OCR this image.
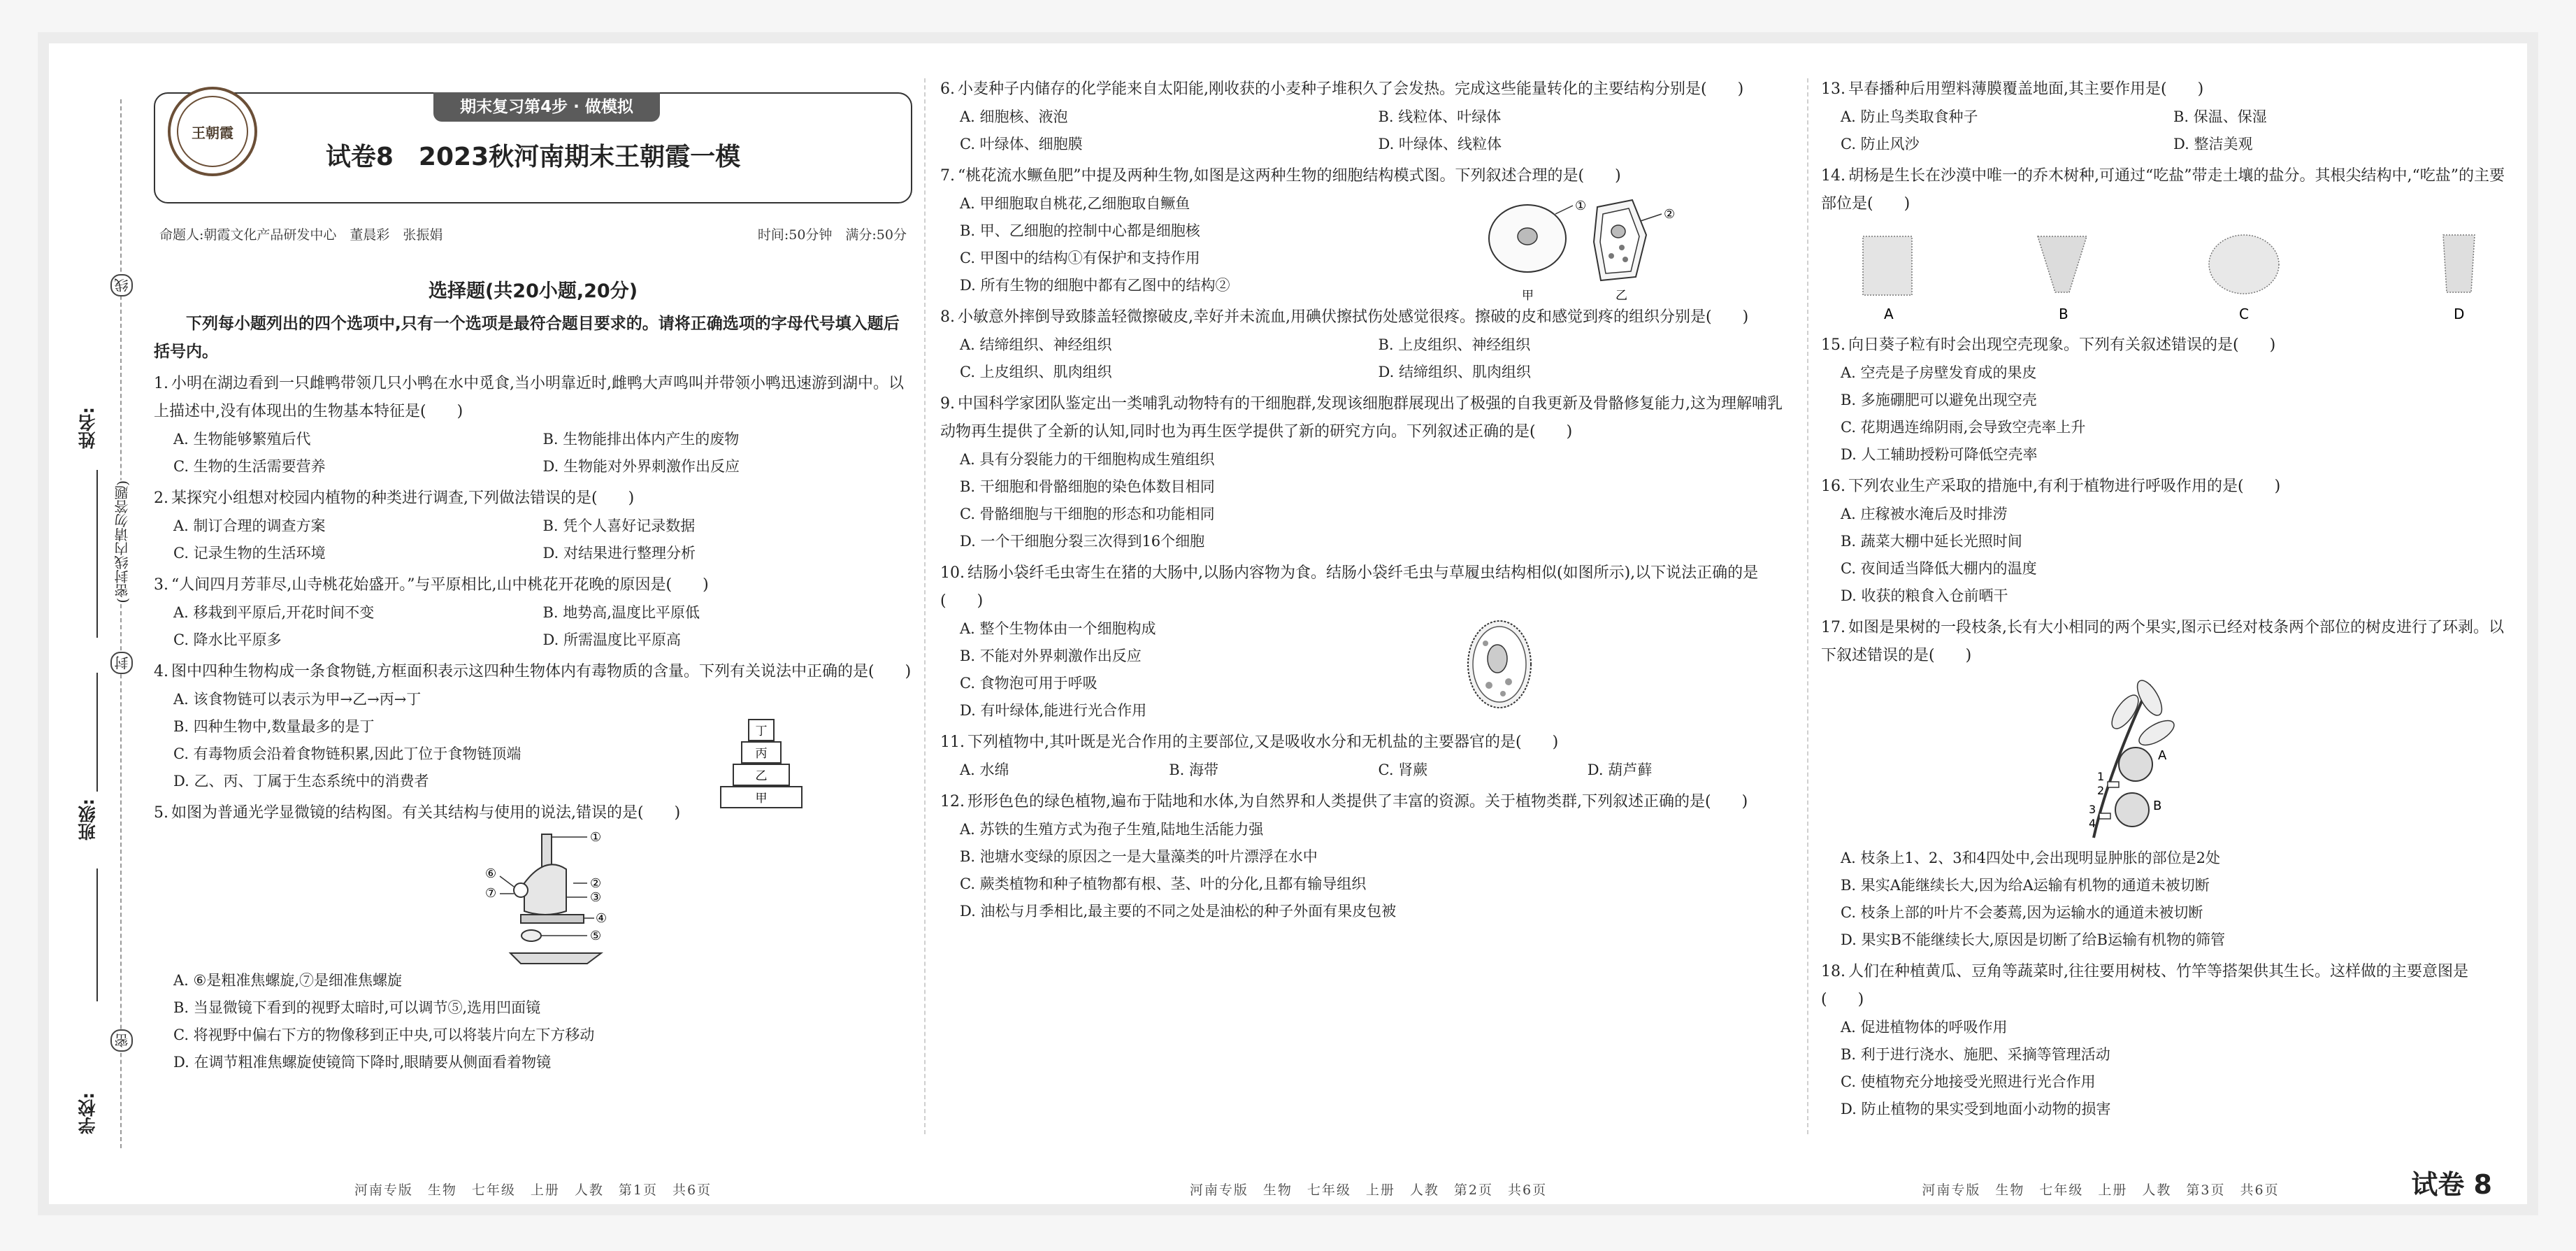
线
姓名:
(密封线内请勿答题)
封
班级:
密
学校:
王朝霞
期末复习第4步 · 做模拟
试卷8　2023秋河南期末王朝霞一模
命题人:朝霞文化产品研发中心　董晨彩　张振娟	时间:50分钟　满分:50分
选择题(共20小题,20分)
下列每小题列出的四个选项中,只有一个选项是最符合题目要求的。请将正确选项的字母代号填入题后括号内。
1. 小明在湖边看到一只雌鸭带领几只小鸭在水中觅食,当小明靠近时,雌鸭大声鸣叫并带领小鸭迅速游到湖中。以上描述中,没有体现出的生物基本特征是(　　)
A. 生物能够繁殖后代	B. 生物能排出体内产生的废物
C. 生物的生活需要营养	D. 生物能对外界刺激作出反应
2. 某探究小组想对校园内植物的种类进行调查,下列做法错误的是(　　)
A. 制订合理的调查方案	B. 凭个人喜好记录数据
C. 记录生物的生活环境	D. 对结果进行整理分析
3. “人间四月芳菲尽,山寺桃花始盛开。”与平原相比,山中桃花开花晚的原因是(　　)
A. 移栽到平原后,开花时间不变	B. 地势高,温度比平原低
C. 降水比平原多	D. 所需温度比平原高
4. 图中四种生物构成一条食物链,方框面积表示这四种生物体内有毒物质的含量。下列有关说法中正确的是(　　)
A. 该食物链可以表示为甲→乙→丙→丁
B. 四种生物中,数量最多的是丁
C. 有毒物质会沿着食物链积累,因此丁位于食物链顶端
D. 乙、丙、丁属于生态系统中的消费者
丁
丙
乙
甲
5. 如图为普通光学显微镜的结构图。有关其结构与使用的说法,错误的是(　　)
①
②
③
④
⑤
⑥
⑦
A. ⑥是粗准焦螺旋,⑦是细准焦螺旋
B. 当显微镜下看到的视野太暗时,可以调节⑤,选用凹面镜
C. 将视野中偏右下方的物像移到正中央,可以将装片向左下方移动
D. 在调节粗准焦螺旋使镜筒下降时,眼睛要从侧面看着物镜
6. 小麦种子内储存的化学能来自太阳能,刚收获的小麦种子堆积久了会发热。完成这些能量转化的主要结构分别是(　　)
A. 细胞核、液泡	B. 线粒体、叶绿体
C. 叶绿体、细胞膜	D. 叶绿体、线粒体
7. “桃花流水鳜鱼肥”中提及两种生物,如图是这两种生物的细胞结构模式图。下列叙述合理的是(　　)
A. 甲细胞取自桃花,乙细胞取自鳜鱼
B. 甲、乙细胞的控制中心都是细胞核
C. 甲图中的结构①有保护和支持作用
D. 所有生物的细胞中都有乙图中的结构②
①
②
甲	乙
8. 小敏意外摔倒导致膝盖轻微擦破皮,幸好并未流血,用碘伏擦拭伤处感觉很疼。擦破的皮和感觉到疼的组织分别是(　　)
A. 结缔组织、神经组织	B. 上皮组织、神经组织
C. 上皮组织、肌肉组织	D. 结缔组织、肌肉组织
9. 中国科学家团队鉴定出一类哺乳动物特有的干细胞群,发现该细胞群展现出了极强的自我更新及骨骼修复能力,这为理解哺乳动物再生提供了全新的认知,同时也为再生医学提供了新的研究方向。下列叙述正确的是(　　)
A. 具有分裂能力的干细胞构成生殖组织
B. 干细胞和骨骼细胞的染色体数目相同
C. 骨骼细胞与干细胞的形态和功能相同
D. 一个干细胞分裂三次得到16个细胞
10. 结肠小袋纤毛虫寄生在猪的大肠中,以肠内容物为食。结肠小袋纤毛虫与草履虫结构相似(如图所示),以下说法正确的是(　　)
A. 整个生物体由一个细胞构成
B. 不能对外界刺激作出反应
C. 食物泡可用于呼吸
D. 有叶绿体,能进行光合作用
11. 下列植物中,其叶既是光合作用的主要部位,又是吸收水分和无机盐的主要器官的是(　　)
A. 水绵	B. 海带	C. 肾蕨	D. 葫芦藓
12. 形形色色的绿色植物,遍布于陆地和水体,为自然界和人类提供了丰富的资源。关于植物类群,下列叙述正确的是(　　)
A. 苏铁的生殖方式为孢子生殖,陆地生活能力强
B. 池塘水变绿的原因之一是大量藻类的叶片漂浮在水中
C. 蕨类植物和种子植物都有根、茎、叶的分化,且都有输导组织
D. 油松与月季相比,最主要的不同之处是油松的种子外面有果皮包被
13. 早春播种后用塑料薄膜覆盖地面,其主要作用是(　　)
A. 防止鸟类取食种子	B. 保温、保湿
C. 防止风沙	D. 整洁美观
14. 胡杨是生长在沙漠中唯一的乔木树种,可通过“吃盐”带走土壤的盐分。其根尖结构中,“吃盐”的主要部位是(　　)
A	B	C	D
15. 向日葵子粒有时会出现空壳现象。下列有关叙述错误的是(　　)
A. 空壳是子房壁发育成的果皮
B. 多施硼肥可以避免出现空壳
C. 花期遇连绵阴雨,会导致空壳率上升
D. 人工辅助授粉可降低空壳率
16. 下列农业生产采取的措施中,有利于植物进行呼吸作用的是(　　)
A. 庄稼被水淹后及时排涝
B. 蔬菜大棚中延长光照时间
C. 夜间适当降低大棚内的温度
D. 收获的粮食入仓前晒干
17. 如图是果树的一段枝条,长有大小相同的两个果实,图示已经对枝条两个部位的树皮进行了环剥。以下叙述错误的是(　　)
1
2
3
4
A
B
A. 枝条上1、2、3和4四处中,会出现明显肿胀的部位是2处
B. 果实A能继续长大,因为给A运输有机物的通道未被切断
C. 枝条上部的叶片不会萎蔫,因为运输水的通道未被切断
D. 果实B不能继续长大,原因是切断了给B运输有机物的筛管
18. 人们在种植黄瓜、豆角等蔬菜时,往往要用树枝、竹竿等搭架供其生长。这样做的主要意图是(　　)
A. 促进植物体的呼吸作用
B. 利于进行浇水、施肥、采摘等管理活动
C. 使植物充分地接受光照进行光合作用
D. 防止植物的果实受到地面小动物的损害
河南专版　生物　七年级　上册　人教　第1页　共6页	河南专版　生物　七年级　上册　人教　第2页　共6页	河南专版　生物　七年级　上册　人教　第3页　共6页	试卷 8
